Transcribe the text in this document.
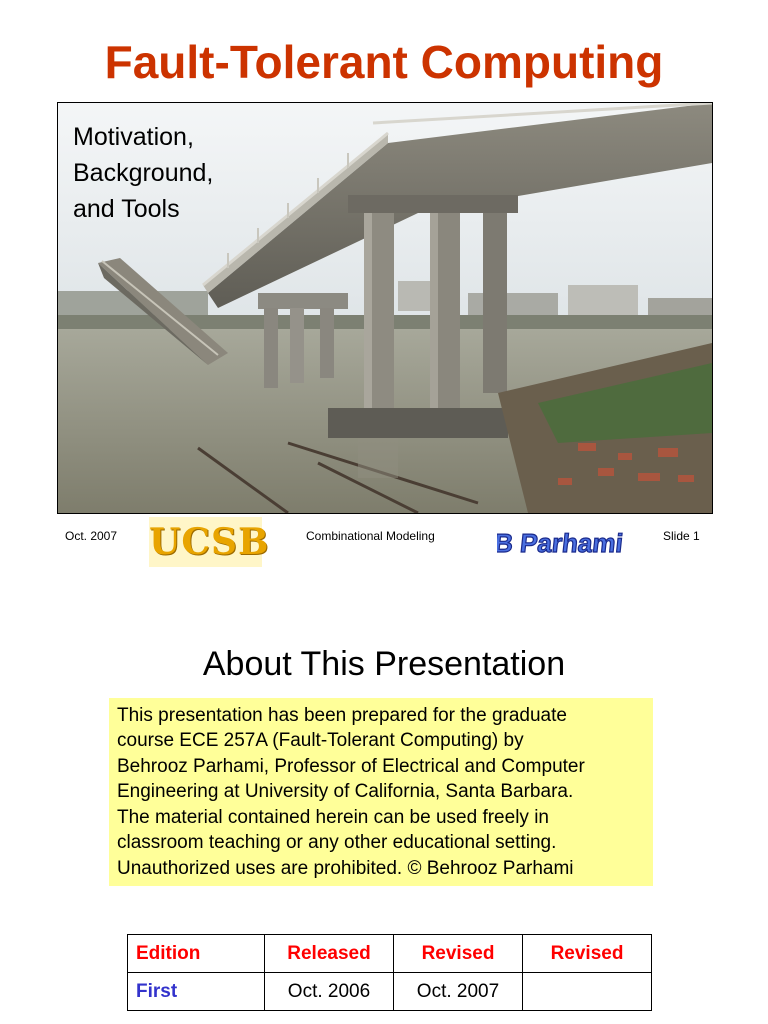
Fault-Tolerant Computing
Motivation,
Background,
and Tools
Oct. 2007 UCSB	Combinational Modeling B Parhami	Slide 1
About This Presentation
This presentation has been prepared for the graduate
course ECE 257A (Fault-Tolerant Computing) by
Behrooz Parhami, Professor of Electrical and Computer
Engineering at University of California, Santa Barbara.
The material contained herein can be used freely in
classroom teaching or any other educational setting.
Unauthorized uses are prohibited. © Behrooz Parhami
Edition	Released	Revised	Revised
First	Oct. 2006	Oct. 2007	
